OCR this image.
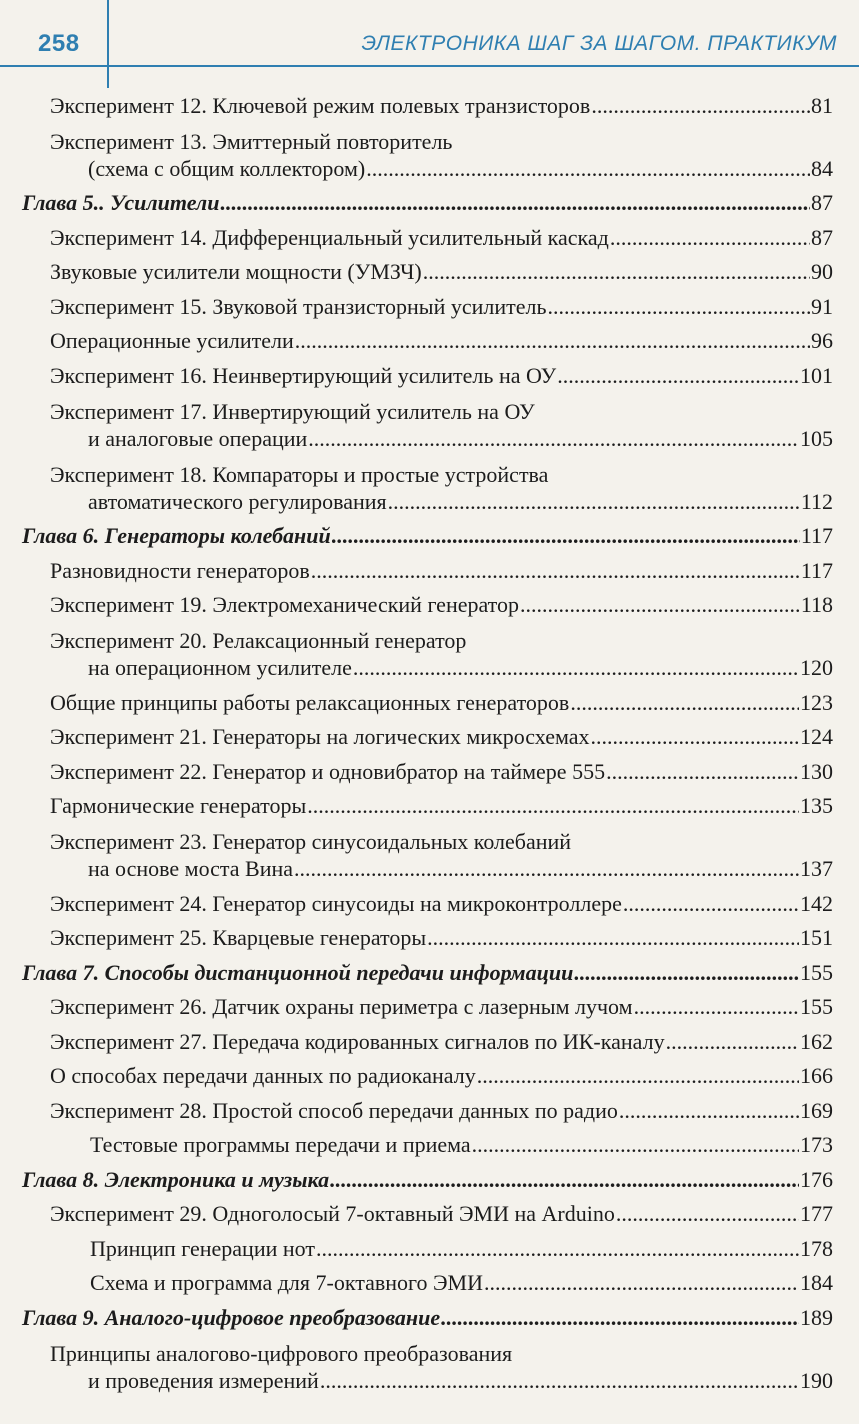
258	ЭЛЕКТРОНИКА ШАГ ЗА ШАГОМ. ПРАКТИКУМ
Эксперимент 12. Ключевой режим полевых транзисторов .....	81
Эксперимент 13. Эмиттерный повторитель
(схема с общим коллектором) .....	84
Глава 5.. Усилители .....	87
Эксперимент 14. Дифференциальный усилительный каскад .....	87
Звуковые усилители мощности (УМЗЧ) .....	90
Эксперимент 15. Звуковой транзисторный усилитель .....	91
Операционные усилители .....	96
Эксперимент 16. Неинвертирующий усилитель на ОУ .....	101
Эксперимент 17. Инвертирующий усилитель на ОУ
и аналоговые операции .....	105
Эксперимент 18. Компараторы и простые устройства
автоматического регулирования .....	112
Глава 6. Генераторы колебаний .....	117
Разновидности генераторов .....	117
Эксперимент 19. Электромеханический генератор .....	118
Эксперимент 20. Релаксационный генератор
на операционном усилителе .....	120
Общие принципы работы релаксационных генераторов .....	123
Эксперимент 21. Генераторы на логических микросхемах .....	124
Эксперимент 22. Генератор и одновибратор на таймере 555 .....	130
Гармонические генераторы .....	135
Эксперимент 23. Генератор синусоидальных колебаний
на основе моста Вина .....	137
Эксперимент 24. Генератор синусоиды на микроконтроллере .....	142
Эксперимент 25. Кварцевые генераторы .....	151
Глава 7. Способы дистанционной передачи информации .....	155
Эксперимент 26. Датчик охраны периметра с лазерным лучом .....	155
Эксперимент 27. Передача кодированных сигналов по ИК-каналу .....	162
О способах передачи данных по радиоканалу .....	166
Эксперимент 28. Простой способ передачи данных по радио .....	169
Тестовые программы передачи и приема .....	173
Глава 8. Электроника и музыка .....	176
Эксперимент 29. Одноголосый 7-октавный ЭМИ на Arduino .....	177
Принцип генерации нот .....	178
Схема и программа для 7-октавного ЭМИ .....	184
Глава 9. Аналого-цифровое преобразование .....	189
Принципы аналогово-цифрового преобразования
и проведения измерений .....	190
